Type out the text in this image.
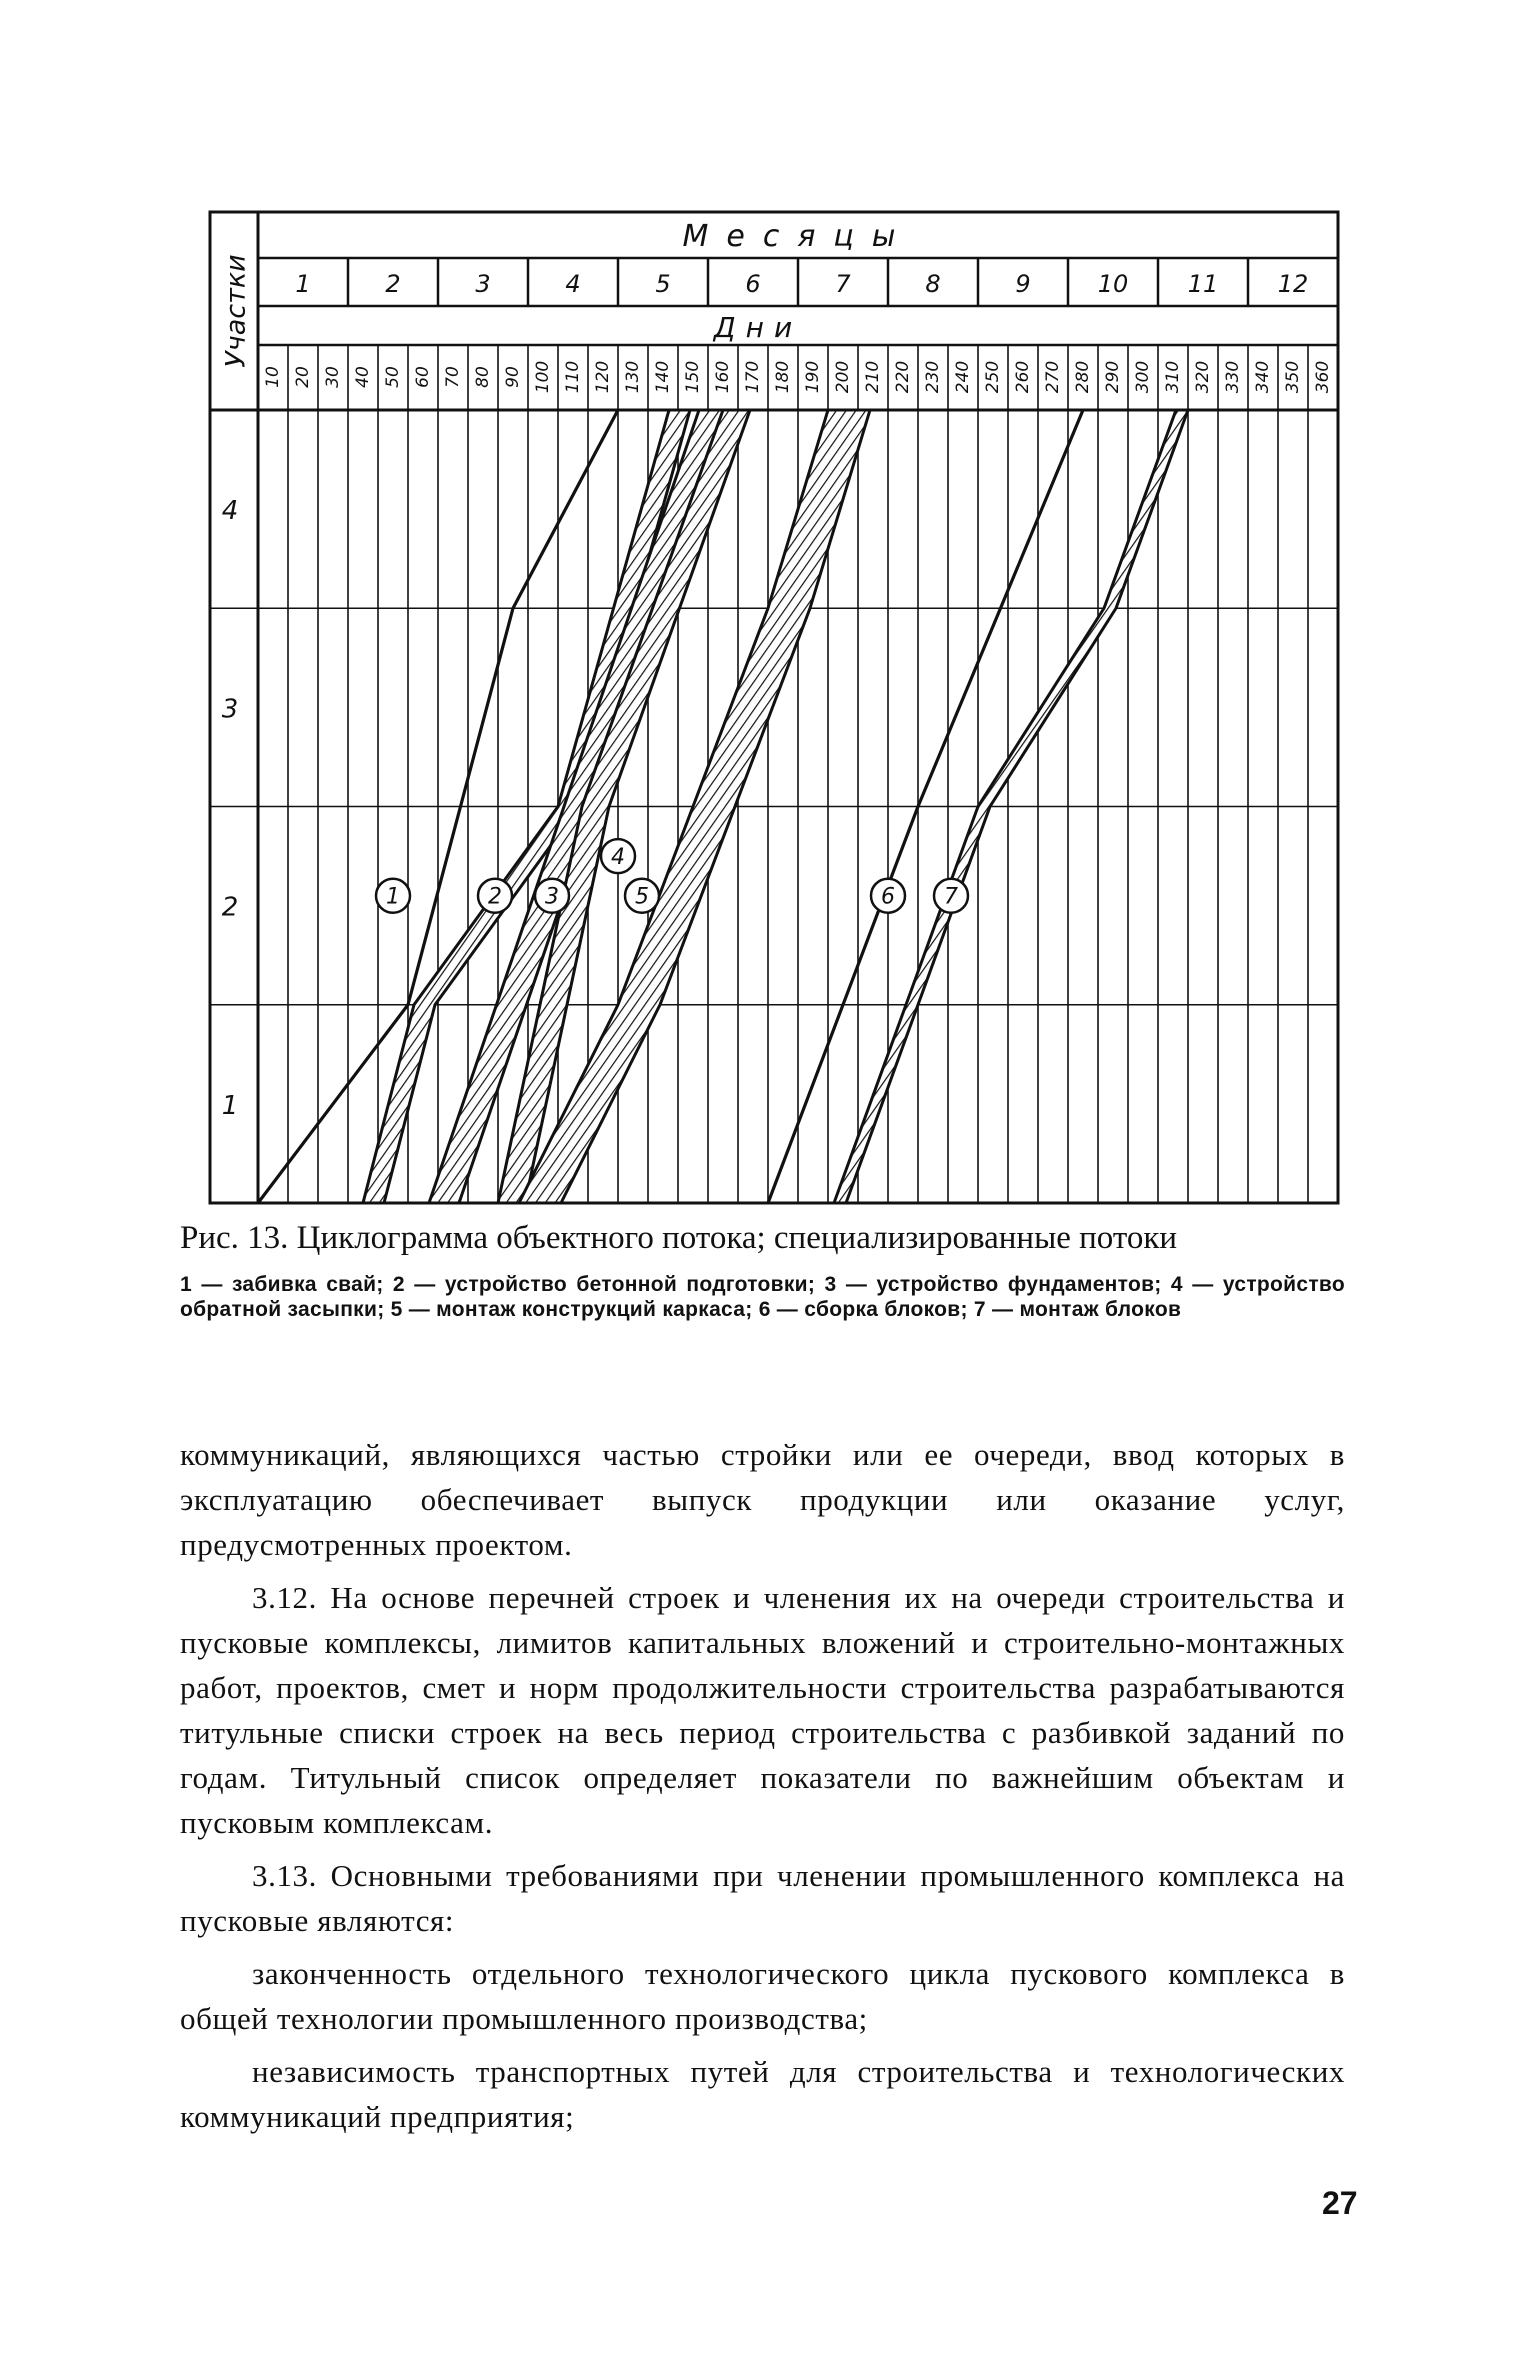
1	2 3
4
5	6 7
1	2	3	4	5	6	7	8	9	10 11 12
10 20 30 40 50 60 70 80 90 100 110 120 130 140 150 160 170 180 190 200 210 220 230 240 250 260 270 280 290 300 310 320 330 340 350 360
Месяцы
Дни
Участки
1
2
3
4

Рис. 13. Циклограмма объектного потока; специализированные потоки

1 — забивка свай; 2 — устройство бетонной подготовки; 3 — устройство фундаментов; 4 — устройство обратной засыпки; 5 — монтаж конструкций каркаса; 6 — сборка блоков; 7 — монтаж блоков

коммуникаций, являющихся частью стройки или ее очереди, ввод которых в эксплуатацию обеспечивает выпуск продукции или оказание услуг, предусмотренных проектом.

3.12. На основе перечней строек и членения их на очереди строительства и пусковые комплексы, лимитов капитальных вложений и строительно-монтажных работ, проектов, смет и норм продолжительности строительства разрабатываются титульные списки строек на весь период строительства с разбивкой заданий по годам. Титульный список определяет показатели по важнейшим объектам и пусковым комплексам.

3.13. Основными требованиями при членении промышленного комплекса на пусковые являются:

законченность отдельного технологического цикла пускового комплекса в общей технологии промышленного производства;

независимость транспортных путей для строительства и технологических коммуникаций предприятия;

27
